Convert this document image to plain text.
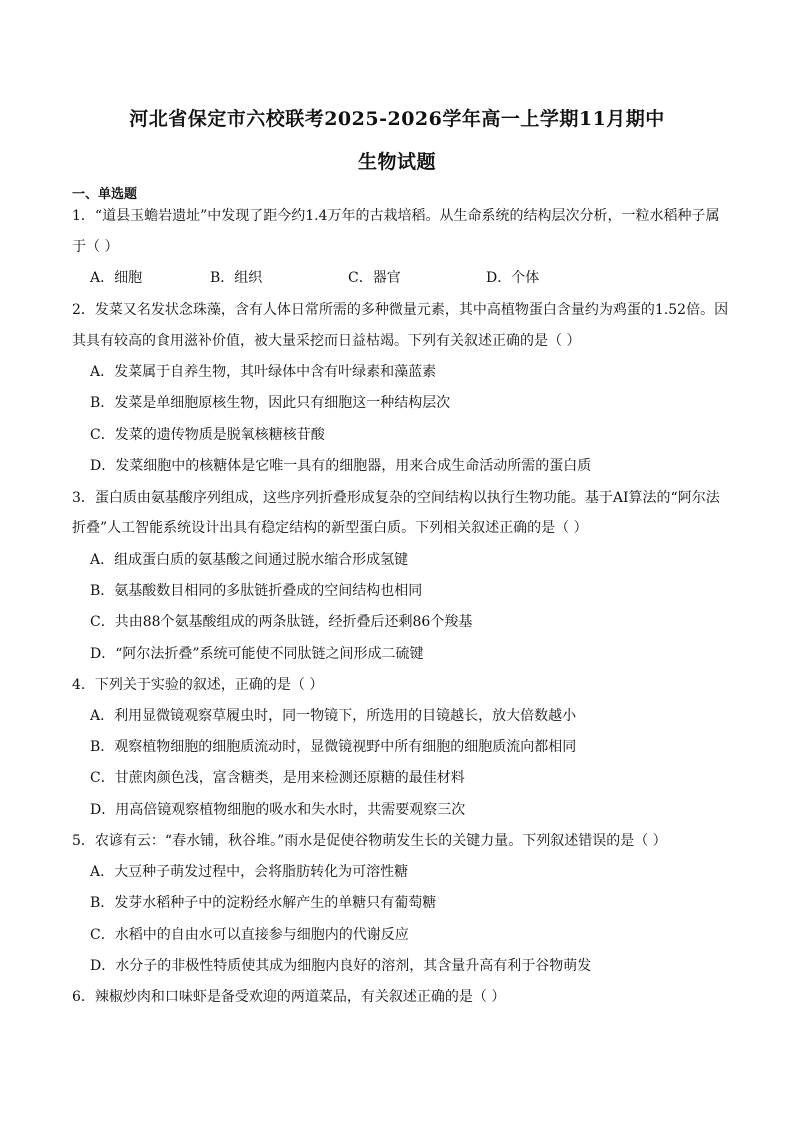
河北省保定市六校联考2025-2026学年高一上学期11月期中
生物试题
一、单选题
1．“道县玉蟾岩遗址”中发现了距今约1.4万年的古栽培稻。从生命系统的结构层次分析，一粒水稻种子属
于（ ）
A．细胞	B．组织	C．器官	D．个体
2．发菜又名发状念珠藻，含有人体日常所需的多种微量元素，其中高植物蛋白含量约为鸡蛋的1.52倍。因
其具有较高的食用滋补价值，被大量采挖而日益枯竭。下列有关叙述正确的是（ ）
A．发菜属于自养生物，其叶绿体中含有叶绿素和藻蓝素
B．发菜是单细胞原核生物，因此只有细胞这一种结构层次
C．发菜的遗传物质是脱氧核糖核苷酸
D．发菜细胞中的核糖体是它唯一具有的细胞器，用来合成生命活动所需的蛋白质
3．蛋白质由氨基酸序列组成，这些序列折叠形成复杂的空间结构以执行生物功能。基于AI算法的“阿尔法
折叠”人工智能系统设计出具有稳定结构的新型蛋白质。下列相关叙述正确的是（ ）
A．组成蛋白质的氨基酸之间通过脱水缩合形成氢键
B．氨基酸数目相同的多肽链折叠成的空间结构也相同
C．共由88个氨基酸组成的两条肽链，经折叠后还剩86个羧基
D．“阿尔法折叠”系统可能使不同肽链之间形成二硫键
4．下列关于实验的叙述，正确的是（ ）
A．利用显微镜观察草履虫时，同一物镜下，所选用的目镜越长，放大倍数越小
B．观察植物细胞的细胞质流动时，显微镜视野中所有细胞的细胞质流向都相同
C．甘蔗肉颜色浅，富含糖类，是用来检测还原糖的最佳材料
D．用高倍镜观察植物细胞的吸水和失水时，共需要观察三次
5．农谚有云：“春水铺，秋谷堆。”雨水是促使谷物萌发生长的关键力量。下列叙述错误的是（ ）
A．大豆种子萌发过程中，会将脂肪转化为可溶性糖
B．发芽水稻种子中的淀粉经水解产生的单糖只有葡萄糖
C．水稻中的自由水可以直接参与细胞内的代谢反应
D．水分子的非极性特质使其成为细胞内良好的溶剂，其含量升高有利于谷物萌发
6．辣椒炒肉和口味虾是备受欢迎的两道菜品，有关叙述正确的是（ ）
